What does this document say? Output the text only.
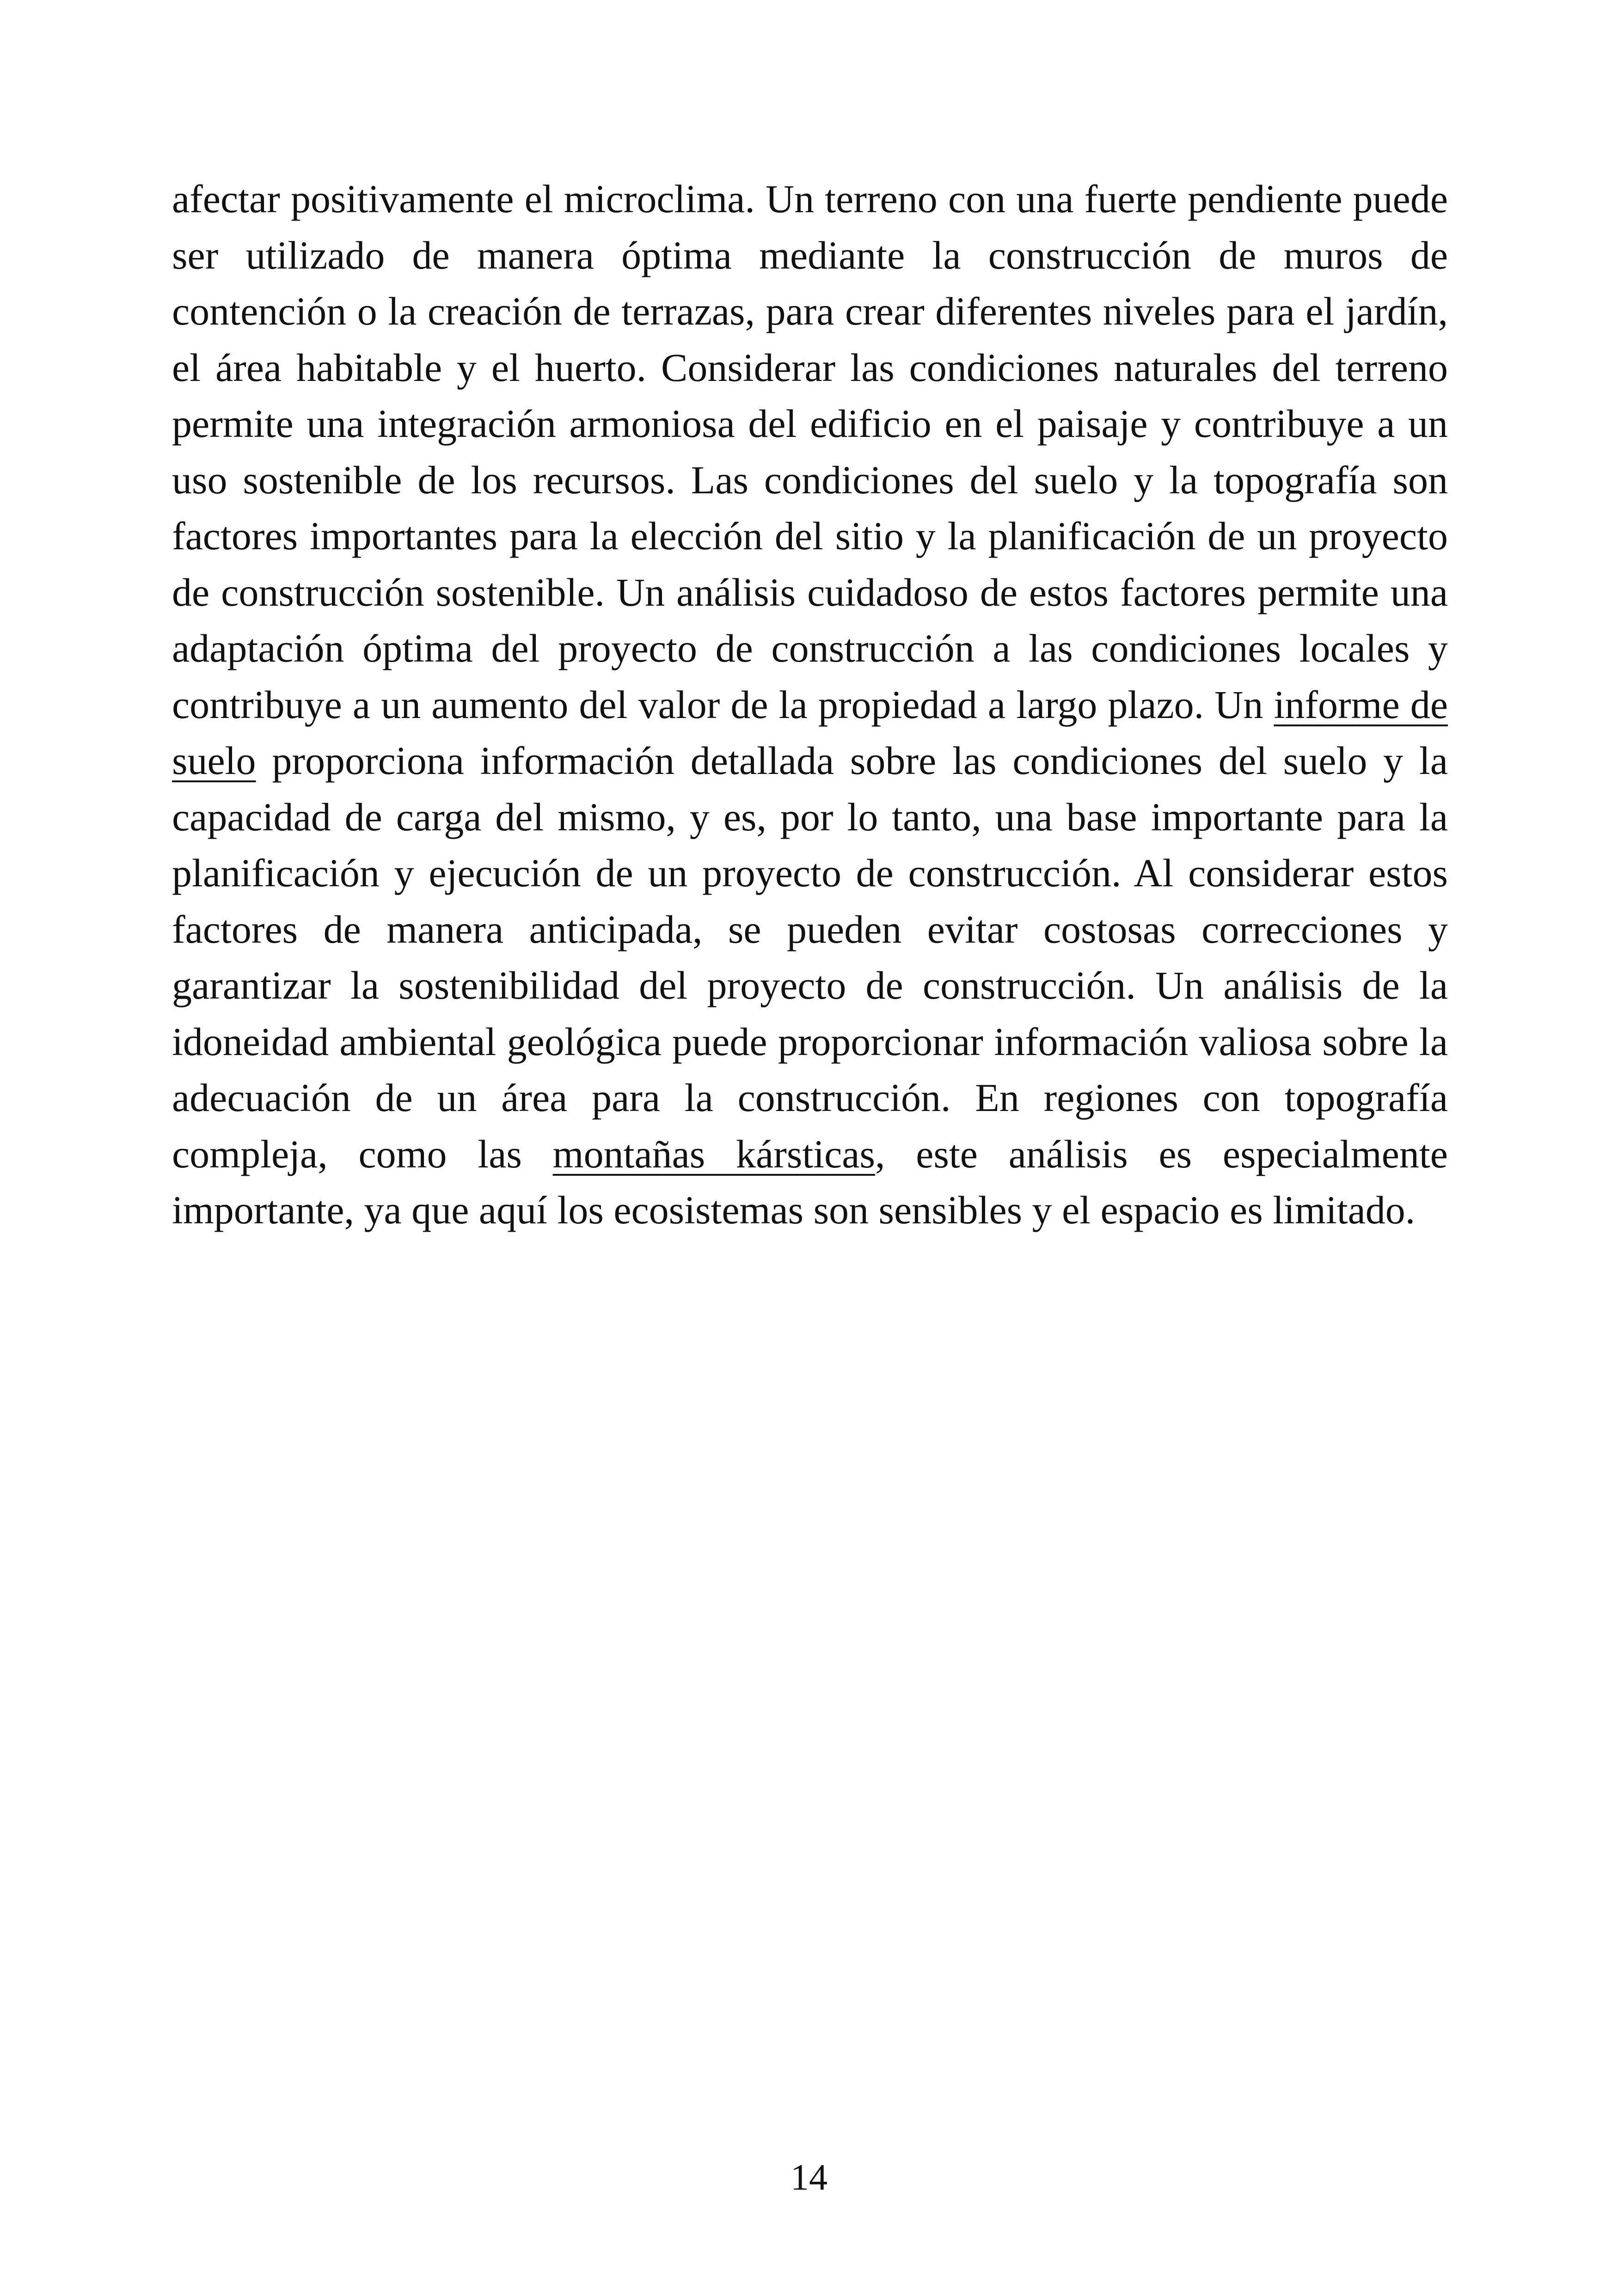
afectar positivamente el microclima. Un terreno con una fuerte pendiente puede ser utilizado de manera óptima mediante la construcción de muros de contención o la creación de terrazas, para crear diferentes niveles para el jardín, el área habitable y el huerto. Considerar las condiciones naturales del terreno permite una integración armoniosa del edificio en el paisaje y contribuye a un uso sostenible de los recursos. Las condiciones del suelo y la topografía son factores importantes para la elección del sitio y la planificación de un proyecto de construcción sostenible. Un análisis cuidadoso de estos factores permite una adaptación óptima del proyecto de construcción a las condiciones locales y contribuye a un aumento del valor de la propiedad a largo plazo. Un informe de suelo proporciona información detallada sobre las condiciones del suelo y la capacidad de carga del mismo, y es, por lo tanto, una base importante para la planificación y ejecución de un proyecto de construcción. Al considerar estos factores de manera anticipada, se pueden evitar costosas correcciones y garantizar la sostenibilidad del proyecto de construcción. Un análisis de la idoneidad ambiental geológica puede proporcionar información valiosa sobre la adecuación de un área para la construcción. En regiones con topografía compleja, como las montañas kársticas, este análisis es especialmente importante, ya que aquí los ecosistemas son sensibles y el espacio es limitado.

14
